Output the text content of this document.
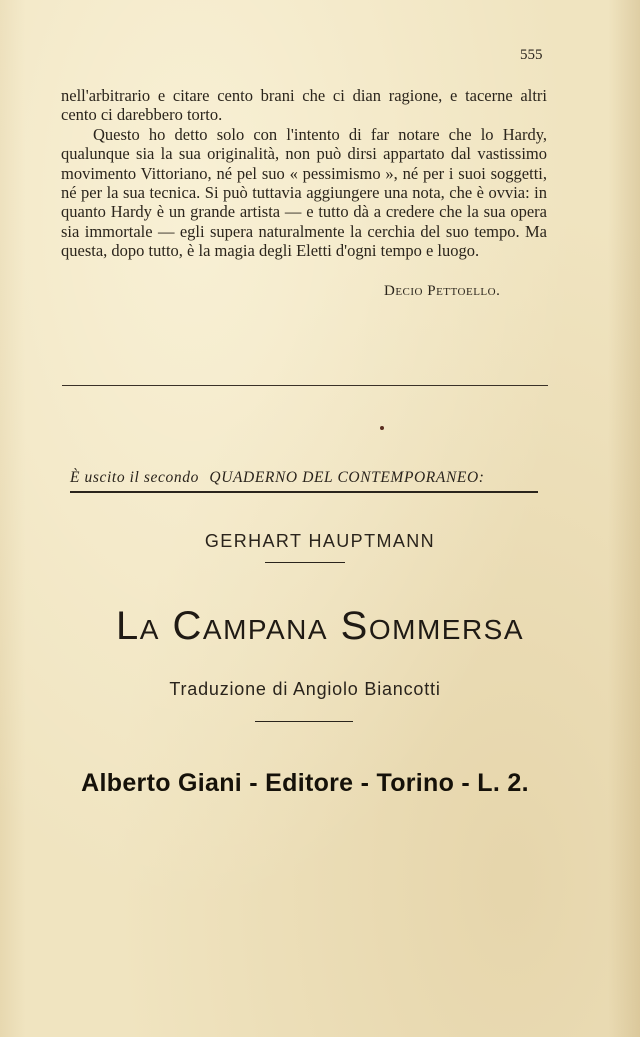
555

nell'arbitrario e citare cento brani che ci dian ragione, e tacerne altri cento ci darebbero torto.

Questo ho detto solo con l'intento di far notare che lo Hardy, qualunque sia la sua originalità, non può dirsi appartato dal vastissimo movimento Vittoriano, né pel suo « pessimismo », né per i suoi soggetti, né per la sua tecnica. Si può tuttavia aggiungere una nota, che è ovvia: in quanto Hardy è un grande artista — e tutto dà a credere che la sua opera sia immortale — egli supera naturalmente la cerchia del suo tempo. Ma questa, dopo tutto, è la magia degli Eletti d'ogni tempo e luogo.

Decio Pettoello.
È uscito il secondo QUADERNO DEL CONTEMPORANEO:
GERHART HAUPTMANN
La Campana Sommersa
Traduzione di Angiolo Biancotti
Alberto Giani - Editore - Torino - L. 2.
